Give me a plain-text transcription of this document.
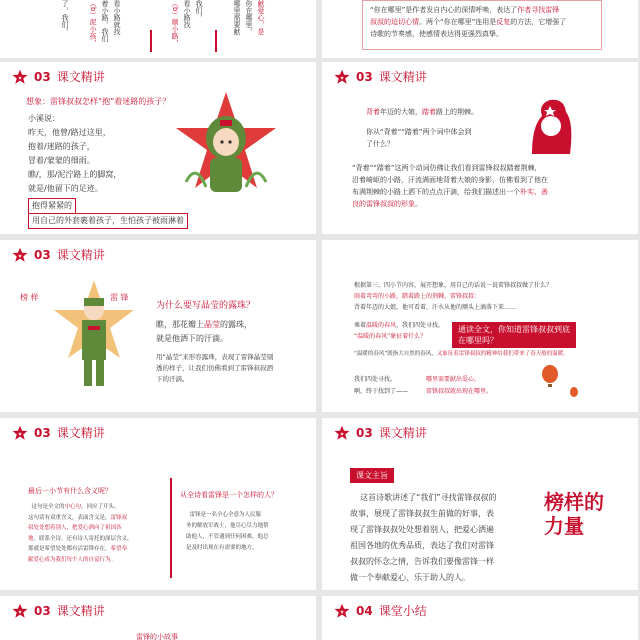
了，我们，	（b）泥小孩， 着小路，我们 看小路就找	（b）顺小路， 看小路找 我们，	哪里需要献 你在哪里， 献爱心，是	“你在哪里”是作者发自内心的深情呼唤，表达了作者寻找雷锋
叔叔的迫切心情。两个“你在哪里”连用是反复的方法，它增强了
诗歌的节奏感，使感情表达得更强烈真挚。
03 课文精讲
想象：雷锋叔叔怎样“抱”着迷路的孩子？
小溪说：
昨天，他曾/路过这里，
抱着/迷路的孩子，
冒着/蒙蒙的细雨。
瞧/，那/泥泞路上的脚窝，
就是/他留下的足迹。
抱得紧紧的
用自己的外套裹着孩子，生怕孩子被雨淋着
03 课文精讲
背着年迈的大娘，踏着路上的荆棘。
你从“背着”“踏着”两个词中体会到
了什么？
“背着”“踏着”这两个动词仿佛让我们看到雷锋叔叔踏着荆棘，
沿着崎岖的小路，汗流满面地背着大娘的身影，仿佛看到了他在
布满荆棘的小路上洒下的点点汗滴，给我们描述出一个朴实、善
良的雷锋叔叔的形象。
03 课文精讲
榜 样	雷 锋
为什么要写晶莹的露珠？
瞧，那花瓣上晶莹的露珠，
就是他洒下的汗滴。
用“晶莹”来形容露珠，表现了雷锋晶莹剔
透的样子，让我们仿佛看到了雷锋叔叔洒
下的汗滴。
根据第三、四小节内容，展开想象，用自己的话说一说雷锋叔叔做了什么？
雨着弯弯的小路，踏着路上的荆棘，雷锋叔叔：
背着年迈的大娘，他可看着，汗水从他的额头上滴落下来……
乘着温暖的春风，我们四处寻找。
“温暖的春风”象征着什么？
通读全文，你知道雷锋叔叔到底
在哪里吗？
“温暖的春风”既指大自然的春风，又象征着雷锋叔叔的精神给我们带来了春天般的温暖。
我们四处寻找。
啊，终于找到了——
哪里需要献出爱心，
雷锋叔叔就出现在哪里。
03 课文精讲
最后一小节有什么含义呢？
这句是全文的中心句，回应了开头。
这句话有双重含义，表面含义是，雷锋叔
叔处处想着别人，把爱心洒向了祖国各
地。联系全诗，还有诗人寄托的深层含义，
那就是希望处处都有活雷锋存在，希望奉
献爱心成为我们每个人的自觉行为。
从全诗看雷锋是一个怎样的人？
雷锋是一名全心全意为人民服
务的解放军战士，他尽心尽力地帮
助他人，不管遇到任何困难，他总
是及时出现在有需要的地方。
03 课文精讲
课文主旨
这首诗歌讲述了“我们”寻找雷锋叔叔的
故事，展现了雷锋叔叔生前做的好事，表
现了雷锋叔叔处处想着别人，把爱心洒遍
祖国各地的优秀品质，表达了我们对雷锋
叔叔的怀念之情，告诉我们要像雷锋一样
做一个奉献爱心、乐于助人的人。
榜样的力量
03 课文精讲
雷锋的小故事
04 课堂小结
